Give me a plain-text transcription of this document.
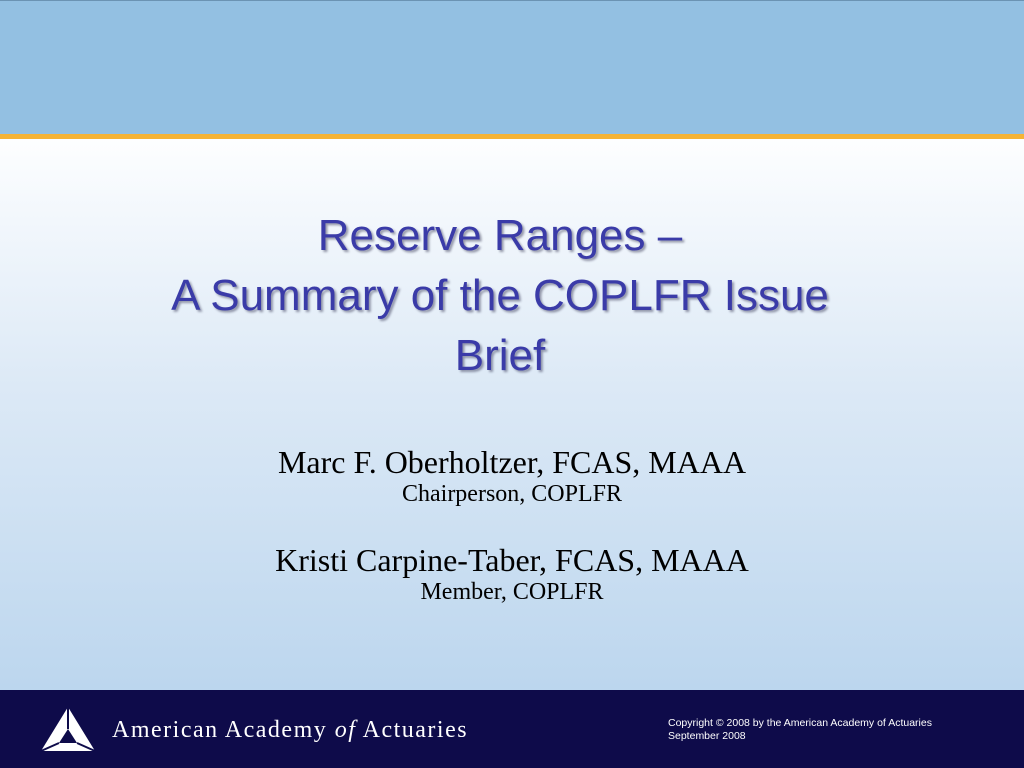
Reserve Ranges –
A Summary of the COPLFR Issue
Brief
Marc F. Oberholtzer, FCAS, MAAA
Chairperson, COPLFR
Kristi Carpine-Taber, FCAS, MAAA
Member, COPLFR
American Academy of Actuaries	Copyright © 2008 by the American Academy of Actuaries
September 2008
